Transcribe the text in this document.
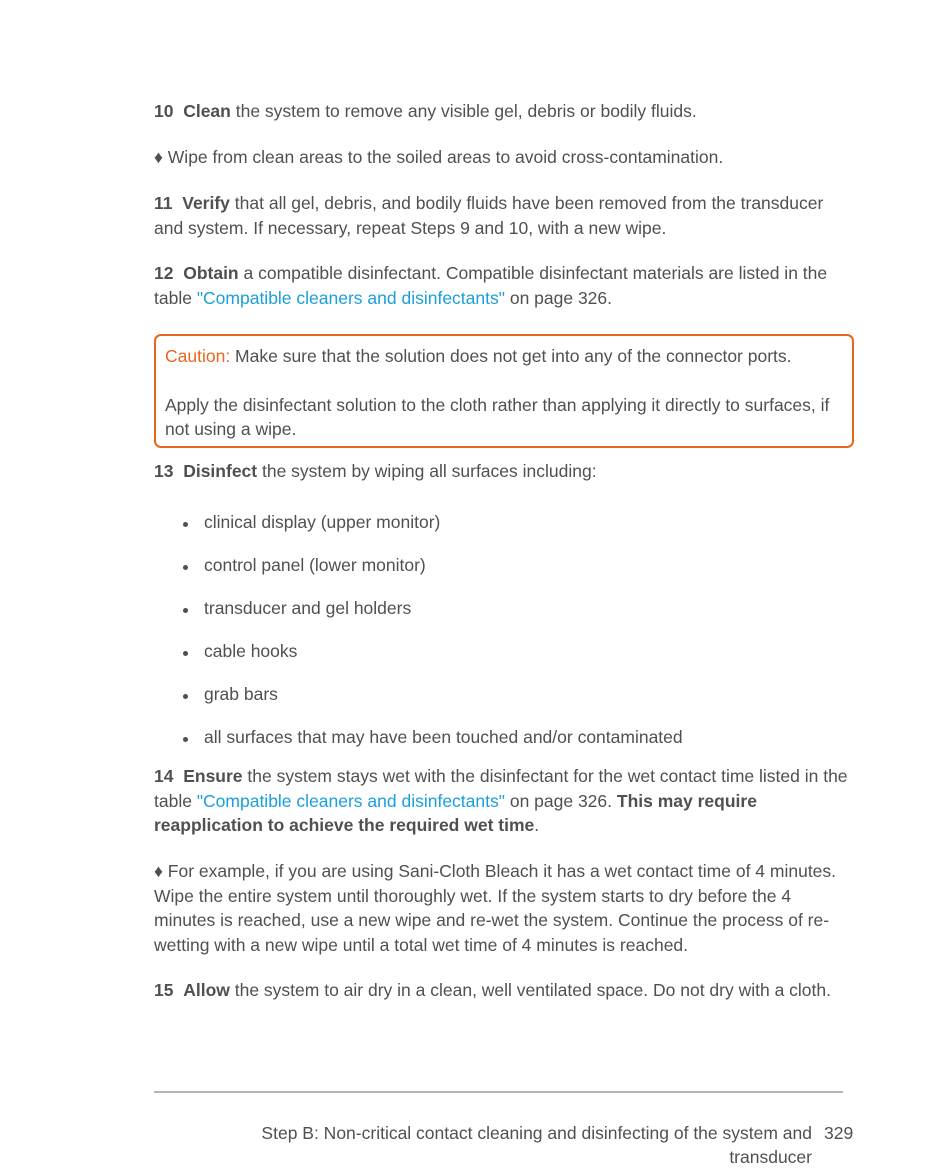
10 Clean the system to remove any visible gel, debris or bodily fluids.

♦ Wipe from clean areas to the soiled areas to avoid cross-contamination.

11 Verify that all gel, debris, and bodily fluids have been removed from the transducer and system. If necessary, repeat Steps 9 and 10, with a new wipe.

12 Obtain a compatible disinfectant. Compatible disinfectant materials are listed in the table "Compatible cleaners and disinfectants" on page 326.

Caution: Make sure that the solution does not get into any of the connector ports.

Apply the disinfectant solution to the cloth rather than applying it directly to surfaces, if not using a wipe.

13 Disinfect the system by wiping all surfaces including:

clinical display (upper monitor)
control panel (lower monitor)
transducer and gel holders
cable hooks
grab bars
all surfaces that may have been touched and/or contaminated

14 Ensure the system stays wet with the disinfectant for the wet contact time listed in the table "Compatible cleaners and disinfectants" on page 326. This may require reapplication to achieve the required wet time.

♦ For example, if you are using Sani-Cloth Bleach it has a wet contact time of 4 minutes. Wipe the entire system until thoroughly wet. If the system starts to dry before the 4 minutes is reached, use a new wipe and re-wet the system. Continue the process of re-wetting with a new wipe until a total wet time of 4 minutes is reached.

15 Allow the system to air dry in a clean, well ventilated space. Do not dry with a cloth.

Step B: Non-critical contact cleaning and disinfecting of the system and transducer
329
